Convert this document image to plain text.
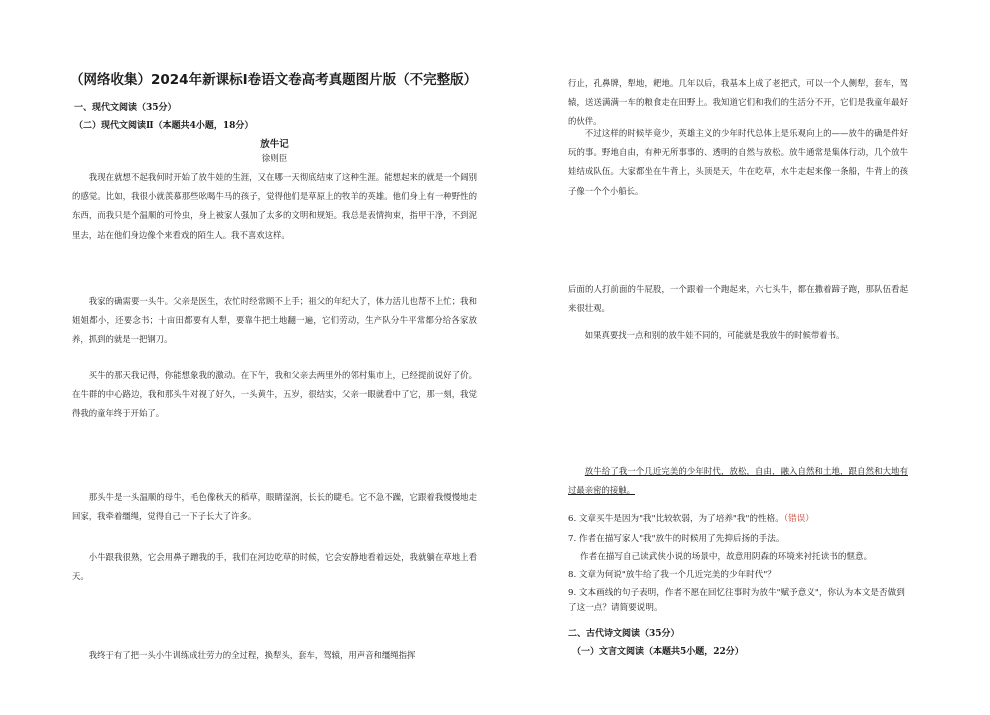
（网络收集）2024年新课标Ⅰ卷语文卷高考真题图片版（不完整版）
一、现代文阅读（35分）
（二）现代文阅读Ⅱ（本题共4小题，18分）
放牛记
徐则臣
我现在就想不起我何时开始了放牛娃的生涯，又在哪一天彻底结束了这种生涯。能想起来的就是一个阔别的感觉。比如，我很小就羡慕那些吆喝牛马的孩子，觉得他们是草原上的牧羊的英雄。他们身上有一种野性的东西，而我只是个温顺的可怜虫，身上被家人强加了太多的文明和规矩。我总是表情拘束，指甲干净，不到泥里去，站在他们身边像个来看戏的陌生人。我不喜欢这样。
我家的确需要一头牛。父亲是医生，农忙时经常顾不上手；祖父的年纪大了，体力活儿也帮不上忙；我和姐姐都小，还要念书；十亩田都要有人犁，要靠牛把土地翻一遍，它们劳动，生产队分牛平常都分给各家放养，抓到的就是一把钢刀。
买牛的那天我记得，你能想象我的激动。在下午，我和父亲去两里外的邻村集市上，已经提前说好了价。在牛群的中心路边，我和那头牛对视了好久，一头黄牛，五岁，很结实，父亲一眼就看中了它，那一刻，我觉得我的童年终于开始了。
那头牛是一头温顺的母牛，毛色像秋天的稻草，眼睛湿润，长长的睫毛。它不急不躁，它跟着我慢慢地走回家，我牵着缰绳，觉得自己一下子长大了许多。
小牛跟我很熟，它会用鼻子蹭我的手，我们在河边吃草的时候，它会安静地看着远处，我就躺在草地上看天。
我终于有了把一头小牛训练成壮劳力的全过程，换犁头，套车，驾辕，用声音和缰绳指挥
行止，孔鼻牌，犁地，耙地。几年以后，我基本上成了老把式，可以一个人侧犁，套车，驾辕，送送满满一车的粮食走在田野上。我知道它们和我们的生活分不开，它们是我童年最好的伙伴。
不过这样的时候毕竟少，英雄主义的少年时代总体上是乐观向上的——放牛的确是件好玩的事。野地自由，有种无所事事的、透明的自然与放松。放牛通常是集体行动，几个放牛娃结成队伍。大家都坐在牛背上，头顶是天，牛在吃草，水牛走起来像一条船，牛背上的孩子像一个个小船长。
后面的人打前面的牛屁股，一个跟着一个跑起来，六七头牛，都在撒着蹄子跑，那队伍看起来很壮观。
如果真要找一点和别的放牛娃不同的，可能就是我放牛的时候带着书。
放牛给了我一个几近完美的少年时代，放松，自由，融入自然和土地，跟自然和大地有过最亲密的接触。
6. 文章买牛是因为"我"比较软弱，为了培养"我"的性格。（错误）
7. 作者在描写家人"我"放牛的时候用了先抑后扬的手法。
作者在描写自己读武侠小说的场景中，故意用阴森的环境来衬托读书的惬意。
8. 文章为何说"放牛给了我一个几近完美的少年时代"？
9. 文本画线的句子表明，作者不愿在回忆往事时为放牛"赋予意义"，你认为本文是否做到了这一点？请简要说明。
二、古代诗文阅读（35分）
（一）文言文阅读（本题共5小题，22分）
